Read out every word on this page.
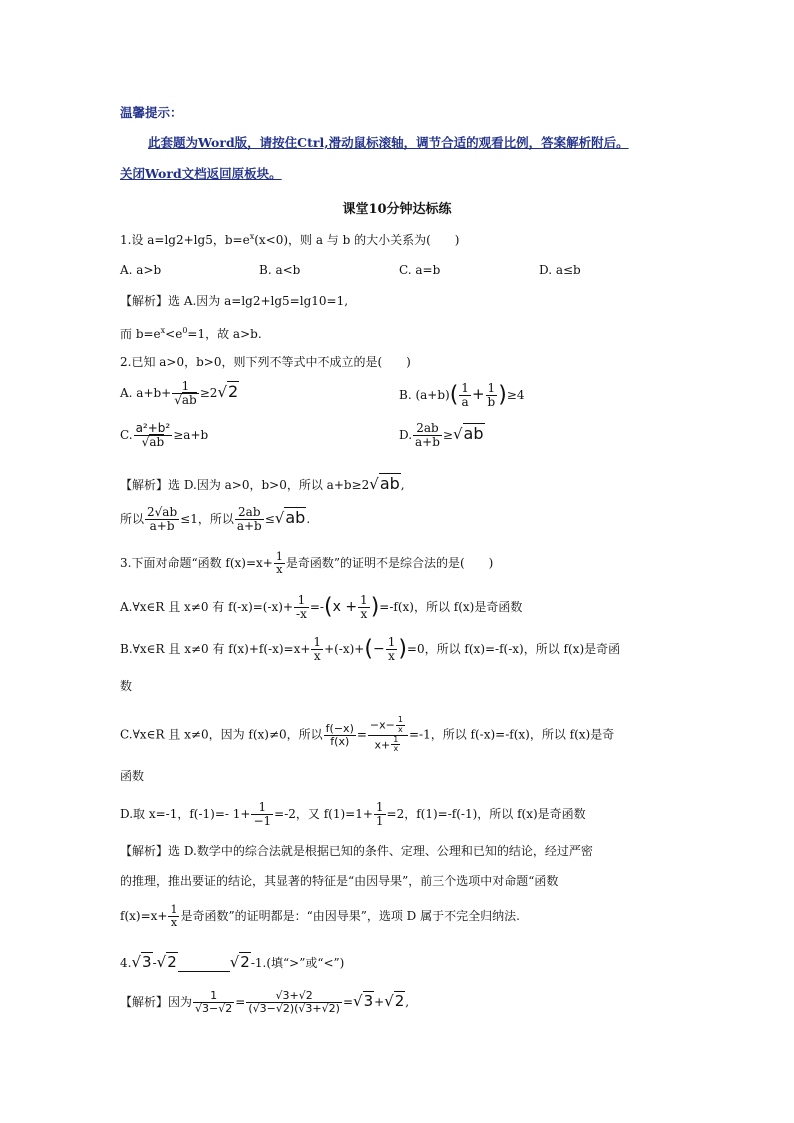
温馨提示：
此套题为Word版，请按住Ctrl,滑动鼠标滚轴，调节合适的观看比例，答案解析附后。
关闭Word文档返回原板块。
课堂10分钟达标练
1.设 a=lg2+lg5，$b=e^x(x<0)$，则 a 与 b 的大小关系为(　　)
A. a>b	B. a<b	C. a=b	D. a≤b
【解析】选 A.因为 a=lg2+lg5=lg10=1,
而 $b=e^x<e^0=1$，故 a>b.
2.已知 a>0，b>0，则下列不等式中不成立的是(　　)
A. $a+b+ \frac{1}{√ab} \ge 2√2$	B. $(a+b)( \frac{1}{a} + \frac{1}{b} )\ge 4$
C. $\frac{\text{a²+b²}}{√ab} \ge a+b$	D. $\frac{2ab}{a+b} \ge√ab$
【解析】选 D.因为 a>0，b>0，所以 a+b≥2√ab,
所以 $\frac{2√ab}{a+b} \le 1$，所以 $\frac{2ab}{a+b} \le√ab$.
3.下面对命题“函数 $f(x)=x+ \frac{1}{x}$ 是奇函数”的证明不是综合法的是(　　)
A.∀x∈R 且 x≠0 有 $f(-x)=(-x)+ \frac{1}{-x} =-(x + \frac{1}{x} )=-f(x)$，所以 f(x)是奇函数
B.∀x∈R 且 x≠0 有 $f(x)+f(-x)=x+ \frac{1}{x} +(-x)+(- \frac{1}{x} )=0$，所以 f(x)=-f(-x)，所以 f(x)是奇函
数
C.∀x∈R 且 x≠0，因为 f(x)≠0，所以 $\frac{f(-x)}{f(x)} = \frac{-x- \frac{1}{x}}{x+ \frac{1}{x}} =-1$，所以 f(-x)=-f(x)，所以 f(x)是奇
函数
D.取 x=-1，f(-1)=- $1+ \frac{1}{-1} =-2$，又 $f(1)=1+ \frac{1}{1} =2$，f(1)=-f(-1)，所以 f(x)是奇函数
【解析】选 D.数学中的综合法就是根据已知的条件、定理、公理和已知的结论，经过严密
的推理，推出要证的结论，其显著的特征是“由因导果”，前三个选项中对命题“函数
$f(x)=x+ \frac{1}{x}$ 是奇函数”的证明都是：“由因导果”，选项 D 属于不完全归纳法.
4.√3-√2	√2-1.(填“>”或“<”)
【解析】因为 $\frac{1}{√3-√2} = \frac{√3+√2}{(√3-√2)(√3+√2)} =√3+√2$,
